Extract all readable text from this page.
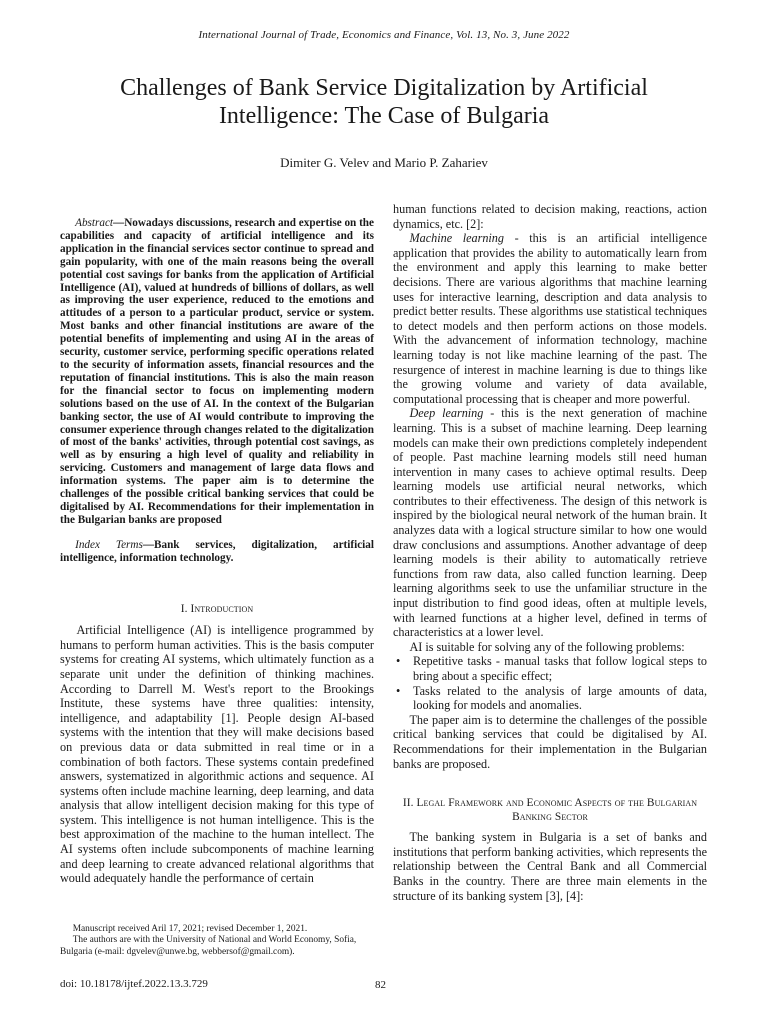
International Journal of Trade, Economics and Finance, Vol. 13, No. 3, June 2022
Challenges of Bank Service Digitalization by Artificial Intelligence: The Case of Bulgaria
Dimiter G. Velev and Mario P. Zahariev

Abstract—Nowadays discussions, research and expertise on the capabilities and capacity of artificial intelligence and its application in the financial services sector continue to spread and gain popularity, with one of the main reasons being the overall potential cost savings for banks from the application of Artificial Intelligence (AI), valued at hundreds of billions of dollars, as well as improving the user experience, reduced to the emotions and attitudes of a person to a particular product, service or system. Most banks and other financial institutions are aware of the potential benefits of implementing and using AI in the areas of security, customer service, performing specific operations related to the security of information assets, financial resources and the reputation of financial institutions. This is also the main reason for the financial sector to focus on implementing modern solutions based on the use of AI. In the context of the Bulgarian banking sector, the use of AI would contribute to improving the consumer experience through changes related to the digitalization of most of the banks' activities, through potential cost savings, as well as by ensuring a high level of quality and reliability in servicing. Customers and management of large data flows and information systems. The paper aim is to determine the challenges of the possible critical banking services that could be digitalised by AI. Recommendations for their implementation in the Bulgarian banks are proposed

Index Terms—Bank services, digitalization, artificial intelligence, information technology.

I. Introduction

Artificial Intelligence (AI) is intelligence programmed by humans to perform human activities. This is the basis computer systems for creating AI systems, which ultimately function as a separate unit under the definition of thinking machines. According to Darrell M. West's report to the Brookings Institute, these systems have three qualities: intensity, intelligence, and adaptability [1]. People design AI-based systems with the intention that they will make decisions based on previous data or data submitted in real time or in a combination of both factors. These systems contain predefined answers, systematized in algorithmic actions and sequence. AI systems often include machine learning, deep learning, and data analysis that allow intelligent decision making for this type of system. This intelligence is not human intelligence. This is the best approximation of the machine to the human intellect. The AI systems often include subcomponents of machine learning and deep learning to create advanced relational algorithms that would adequately handle the performance of certain

human functions related to decision making, reactions, action dynamics, etc. [2]:

Machine learning - this is an artificial intelligence application that provides the ability to automatically learn from the environment and apply this learning to make better decisions. There are various algorithms that machine learning uses for interactive learning, description and data analysis to predict better results. These algorithms use statistical techniques to detect models and then perform actions on those models. With the advancement of information technology, machine learning today is not like machine learning of the past. The resurgence of interest in machine learning is due to things like the growing volume and variety of data available, computational processing that is cheaper and more powerful.

Deep learning - this is the next generation of machine learning. This is a subset of machine learning. Deep learning models can make their own predictions completely independent of people. Past machine learning models still need human intervention in many cases to achieve optimal results. Deep learning models use artificial neural networks, which contributes to their effectiveness. The design of this network is inspired by the biological neural network of the human brain. It analyzes data with a logical structure similar to how one would draw conclusions and assumptions. Another advantage of deep learning models is their ability to automatically retrieve functions from raw data, also called function learning. Deep learning algorithms seek to use the unfamiliar structure in the input distribution to find good ideas, often at multiple levels, with learned functions at a higher level, defined in terms of characteristics at a lower level.

AI is suitable for solving any of the following problems:

• Repetitive tasks - manual tasks that follow logical steps to bring about a specific effect;
• Tasks related to the analysis of large amounts of data, looking for models and anomalies.

The paper aim is to determine the challenges of the possible critical banking services that could be digitalised by AI. Recommendations for their implementation in the Bulgarian banks are proposed.

II. Legal Framework and Economic Aspects of the Bulgarian Banking Sector

The banking system in Bulgaria is a set of banks and institutions that perform banking activities, which represents the relationship between the Central Bank and all Commercial Banks in the country. There are three main elements in the structure of its banking system [3], [4]:

Manuscript received Aril 17, 2021; revised December 1, 2021.

The authors are with the University of National and World Economy, Sofia, Bulgaria (e-mail: dgvelev@unwe.bg, webbersof@gmail.com).

doi: 10.18178/ijtef.2022.13.3.729	82
